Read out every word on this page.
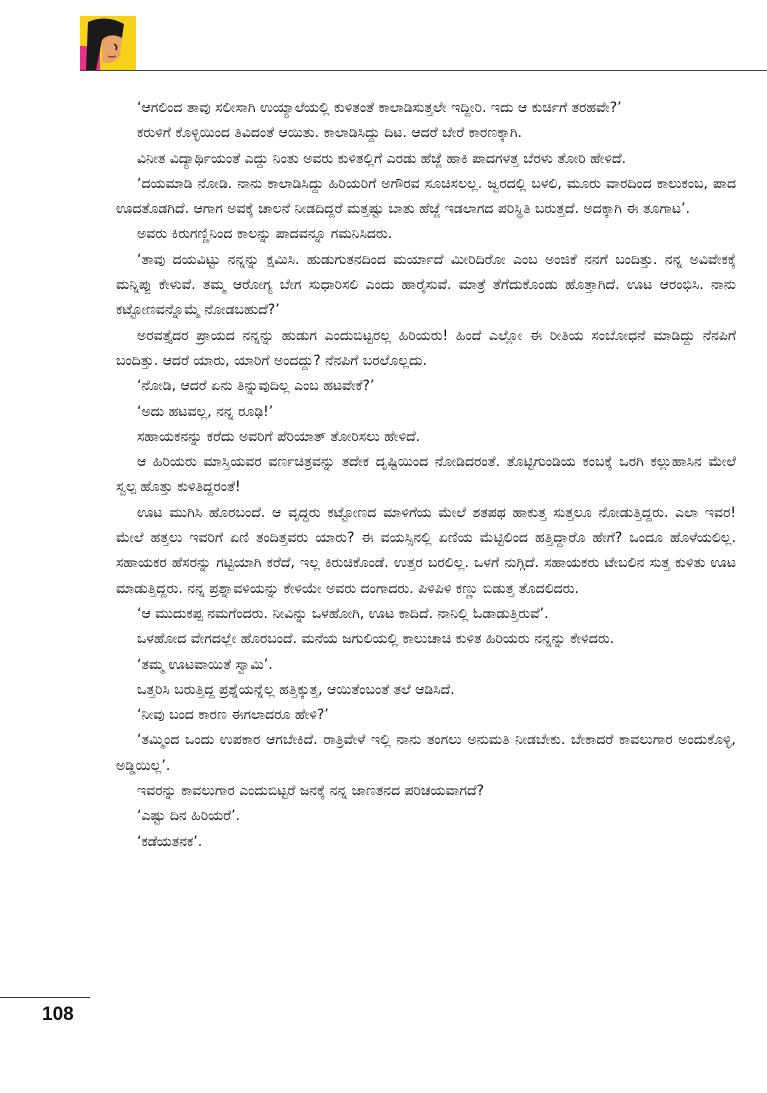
‘ಆಗಲಿಂದ ತಾವು ಸಲೀಸಾಗಿ ಉಯ್ಯಾಲೆಯಲ್ಲಿ ಕುಳಿತಂತೆ ಕಾಲಾಡಿಸುತ್ತಲೇ ಇದ್ದೀರಿ. ಇದು ಆ ಕುರ್ಚಿಗೆ ತರಹವೇ?’

ಕರುಳಿಗೆ ಕೊಳ್ಳಿಯಿಂದ ತಿವಿದಂತೆ ಆಯಿತು. ಕಾಲಾಡಿಸಿದ್ದು ದಿಟ. ಆದರೆ ಬೇರೆ ಕಾರಣಕ್ಕಾಗಿ.

ವಿನೀತ ವಿದ್ಯಾರ್ಥಿಯಂತೆ ಎದ್ದು ನಿಂತು ಅವರು ಕುಳಿತಲ್ಲಿಗೆ ಎರಡು ಹೆಜ್ಜೆ ಹಾಕಿ ಪಾದಗಳತ್ತ ಬೆರಳು ತೋರಿ ಹೇಳಿದೆ.

‘ದಯಮಾಡಿ ನೋಡಿ. ನಾನು ಕಾಲಾಡಿಸಿದ್ದು ಹಿರಿಯರಿಗೆ ಅಗೌರವ ಸೂಚಿಸಲಲ್ಲ. ಜ್ವರದಲ್ಲಿ ಬಳಲಿ, ಮೂರು ವಾರದಿಂದ ಕಾಲುಕಂಬ, ಪಾದ ಊದತೊಡಗಿದೆ. ಆಗಾಗ ಅವಕ್ಕೆ ಚಾಲನೆ ನೀಡದಿದ್ದರೆ ಮತ್ತಷ್ಟು ಬಾತು ಹೆಜ್ಜೆ ಇಡಲಾಗದ ಪರಿಸ್ಥಿತಿ ಬರುತ್ತದೆ. ಅದಕ್ಕಾಗಿ ಈ ತೂಗಾಟ’.

ಅವರು ಕಿರುಗಣ್ಣಿನಿಂದ ಕಾಲನ್ನು ಪಾದವನ್ನೂ ಗಮನಿಸಿದರು.

‘ತಾವು ದಯವಿಟ್ಟು ನನ್ನನ್ನು ಕ್ಷಮಿಸಿ. ಹುಡುಗುತನದಿಂದ ಮರ್ಯಾದೆ ಮೀರಿದಿರೋ ಎಂಬ ಅಂಜಿಕೆ ನನಗೆ ಬಂದಿತ್ತು. ನನ್ನ ಅವಿವೇಕಕ್ಕೆ ಮನ್ನಿಪ್ಪು ಕೇಳುವೆ. ತಮ್ಮ ಆರೋಗ್ಯ ಬೇಗ ಸುಧಾರಿಸಲಿ ಎಂದು ಹಾರೈಸುವೆ. ಮಾತ್ರೆ ತೆಗೆದುಕೊಂಡು ಹೊತ್ತಾಗಿದೆ. ಊಟ ಆರಂಭಿಸಿ. ನಾನು ಕಟ್ಟೋಣವನ್ನೊಮ್ಮೆ ನೋಡಬಹುದೆ?’

ಅರವತ್ತೈದರ ಪ್ರಾಯದ ನನ್ನನ್ನು ಹುಡುಗ ಎಂದುಬಿಟ್ಟರಲ್ಲ ಹಿರಿಯರು! ಹಿಂದೆ ಎಲ್ಲೋ ಈ ರೀತಿಯ ಸಂಬೋಧನೆ ಮಾಡಿದ್ದು ನೆನಪಿಗೆ ಬಂದಿತ್ತು. ಆದರೆ ಯಾರು, ಯಾರಿಗೆ ಅಂದದ್ದು? ನೆನಪಿಗೆ ಬರಲೊಲ್ಲದು.

‘ನೋಡಿ, ಆದರೆ ಏನು ತಿನ್ನುವುದಿಲ್ಲ ಎಂಬ ಹಟವೇಕೆ?’

‘ಅದು ಹಟವಲ್ಲ, ನನ್ನ ರೂಢಿ!’

ಸಹಾಯಕನನ್ನು ಕರೆದು ಅವರಿಗೆ ಪೆರಿಯಾತ್ ತೋರಿಸಲು ಹೇಳಿದೆ.

ಆ ಹಿರಿಯರು ಮಾಸ್ತಿಯವರ ವರ್ಣಚಿತ್ರವನ್ನು ತದೇಕ ದೃಷ್ಟಿಯಿಂದ ನೋಡಿದರಂತೆ. ತೊಟ್ಟಿಗುಂಡಿಯ ಕಂಬಕ್ಕೆ ಒರಗಿ ಕಲ್ಲುಹಾಸಿನ ಮೇಲೆ ಸ್ವಲ್ಪ ಹೊತ್ತು ಕುಳಿತಿದ್ದರಂತೆ!

ಊಟ ಮುಗಿಸಿ ಹೊರಬಂದೆ. ಆ ವೃದ್ಧರು ಕಟ್ಟೋಣದ ಮಾಳಿಗೆಯ ಮೇಲೆ ಶತಪಥ ಹಾಕುತ್ತ ಸುತ್ತಲೂ ನೋಡುತ್ತಿದ್ದರು. ಎಲಾ ಇವರ! ಮೇಲೆ ಹತ್ತಲು ಇವರಿಗೆ ಏಣಿ ತಂದಿತ್ತವರು ಯಾರು? ಈ ವಯಸ್ಸಿನಲ್ಲಿ ಏಣಿಯ ಮೆಟ್ಟಿಲಿಂದ ಹತ್ತಿದ್ದಾರೊ ಹೇಗೆ? ಒಂದೂ ಹೊಳೆಯಲಿಲ್ಲ. ಸಹಾಯಕರ ಹೆಸರನ್ನು ಗಟ್ಟಿಯಾಗಿ ಕರೆದೆ, ಇಲ್ಲ ಕಿರುಚಿಕೊಂಡೆ. ಉತ್ತರ ಬರಲಿಲ್ಲ. ಒಳಗೆ ನುಗ್ಗಿದೆ. ಸಹಾಯಕರು ಟೇಬಲಿನ ಸುತ್ತ ಕುಳಿತು ಊಟ ಮಾಡುತ್ತಿದ್ದರು. ನನ್ನ ಪ್ರಶ್ನಾವಳಿಯನ್ನು ಕೇಳಿಯೇ ಅವರು ದಂಗಾದರು. ಪಿಳಿಪಿಳಿ ಕಣ್ಣು ಬಿಡುತ್ತ ತೊದಲಿದರು.

‘ಆ ಮುದುಕಪ್ಪ ನಮಗೆಂದರು. ನೀವಿನ್ನು ಒಳಹೋಗಿ, ಊಟ ಕಾದಿದೆ. ನಾನಿಲ್ಲಿ ಓಡಾಡುತ್ತಿರುವೆ’.

ಒಳಹೋದ ವೇಗದಲ್ಲೇ ಹೊರಬಂದೆ. ಮನೆಯ ಜಗುಲಿಯಲ್ಲಿ ಕಾಲುಚಾಚಿ ಕುಳಿತ ಹಿರಿಯರು ನನ್ನನ್ನು ಕೇಳಿದರು.

‘ತಮ್ಮ ಊಟವಾಯಿತೆ ಸ್ವಾಮಿ’.

ಒತ್ತರಿಸಿ ಬರುತ್ತಿದ್ದ ಪ್ರಶ್ನೆಯನ್ನೆಲ್ಲ ಹತ್ತಿಕ್ಕುತ್ತ, ಆಯಿತೆಂಬಂತೆ ತಲೆ ಆಡಿಸಿದೆ.

‘ನೀವು ಬಂದ ಕಾರಣ ಈಗಲಾದರೂ ಹೇಳಿ?’

‘ತಮ್ಮಿಂದ ಒಂದು ಉಪಕಾರ ಆಗಬೇಕಿದೆ. ರಾತ್ರಿವೇಳೆ ಇಲ್ಲಿ ನಾನು ತಂಗಲು ಅನುಮತಿ ನೀಡಬೇಕು. ಬೇಕಾದರೆ ಕಾವಲುಗಾರ ಅಂದುಕೊಳ್ಳಿ, ಅಡ್ಡಿಯಿಲ್ಲ’.

ಇವರನ್ನು ಕಾವಲುಗಾರ ಎಂದುಬಿಟ್ಟರೆ ಜನಕ್ಕೆ ನನ್ನ ಜಾಣತನದ ಪರಿಚಯವಾಗದೆ?

‘ಎಷ್ಟು ದಿನ ಹಿರಿಯರೆ’.

‘ಕಡೆಯತನಕ’.

108
